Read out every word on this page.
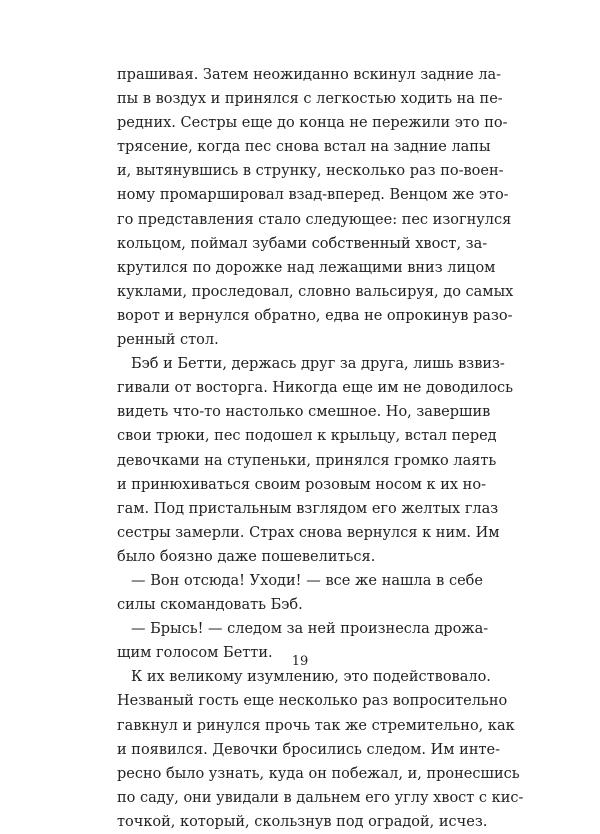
прашивая. Затем неожиданно вскинул задние ла-
пы в воздух и принялся с легкостью ходить на пе-
редних. Сестры еще до конца не пережили это по-
трясение, когда пес снова встал на задние лапы
и, вытянувшись в струнку, несколько раз по-воен-
ному промаршировал взад-вперед. Венцом же это-
го представления стало следующее: пес изогнулся
кольцом, поймал зубами собственный хвост, за-
крутился по дорожке над лежащими вниз лицом
куклами, проследовал, словно вальсируя, до самых
ворот и вернулся обратно, едва не опрокинув разо-
ренный стол.
Бэб и Бетти, держась друг за друга, лишь взвиз-
гивали от восторга. Никогда еще им не доводилось
видеть что-то настолько смешное. Но, завершив
свои трюки, пес подошел к крыльцу, встал перед
девочками на ступеньки, принялся громко лаять
и принюхиваться своим розовым носом к их но-
гам. Под пристальным взглядом его желтых глаз
сестры замерли. Страх снова вернулся к ним. Им
было боязно даже пошевелиться.
— Вон отсюда! Уходи! — все же нашла в себе
силы скомандовать Бэб.
— Брысь! — следом за ней произнесла дрожа-
щим голосом Бетти.
К их великому изумлению, это подействовало.
Незваный гость еще несколько раз вопросительно
гавкнул и ринулся прочь так же стремительно, как
и появился. Девочки бросились следом. Им инте-
ресно было узнать, куда он побежал, и, пронесшись
по саду, они увидали в дальнем его углу хвост с кис-
точкой, который, скользнув под оградой, исчез.
19
